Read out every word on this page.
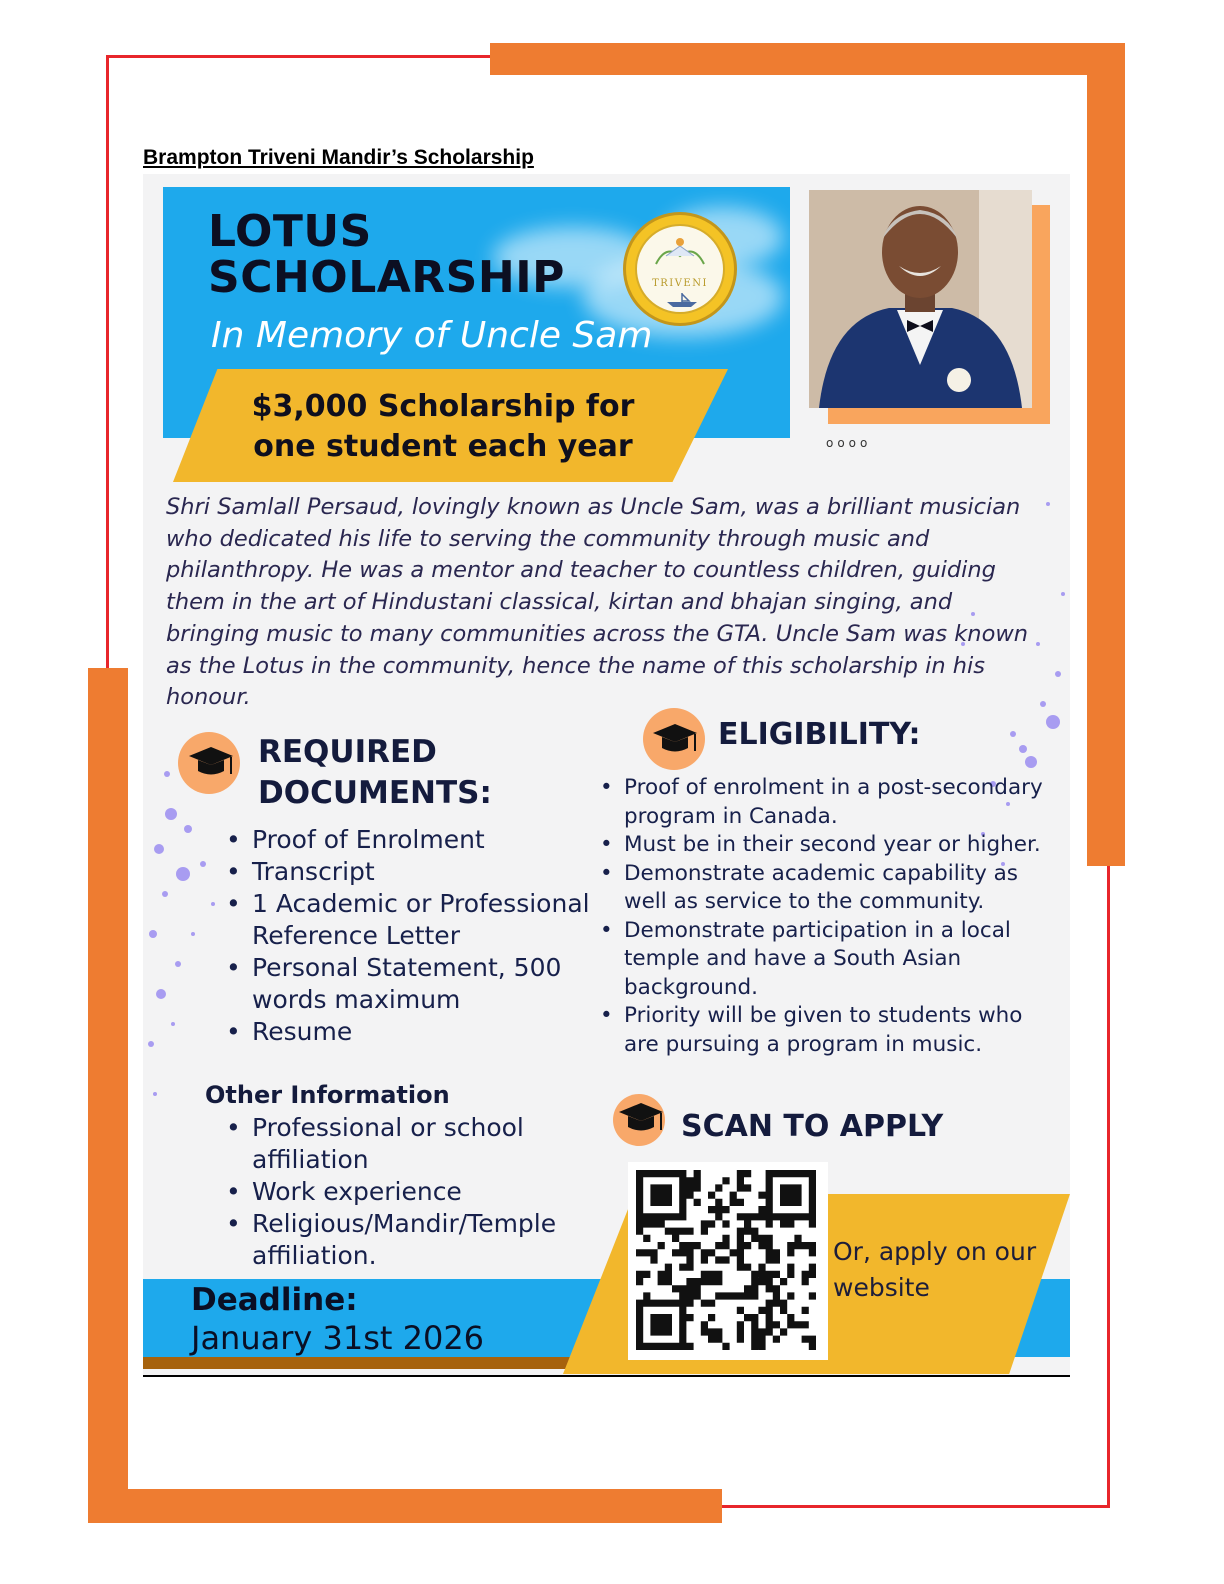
Brampton Triveni Mandir’s Scholarship
LOTUS
SCHOLARSHIP
In Memory of Uncle Sam
TRIVENI
$3,000 Scholarship for
one student each year	oooo
Shri Samlall Persaud, lovingly known as Uncle Sam, was a brilliant musician who dedicated his life to serving the community through music and philanthropy. He was a mentor and teacher to countless children, guiding them in the art of Hindustani classical, kirtan and bhajan singing, and bringing music to many communities across the GTA. Uncle Sam was known as the Lotus in the community, hence the name of this scholarship in his honour.
REQUIRED
DOCUMENTS:
• Proof of Enrolment
• Transcript
• 1 Academic or Professional Reference Letter
• Personal Statement, 500 words maximum
• Resume
ELIGIBILITY:
• Proof of enrolment in a post-secondary program in Canada.
• Must be in their second year or higher.
• Demonstrate academic capability as well as service to the community.
• Demonstrate participation in a local temple and have a South Asian background.
• Priority will be given to students who are pursuing a program in music.
Other Information
• Professional or school affiliation
• Work experience
• Religious/Mandir/Temple affiliation.
Deadline:
January 31st 2026
SCAN TO APPLY
Or, apply on our website
